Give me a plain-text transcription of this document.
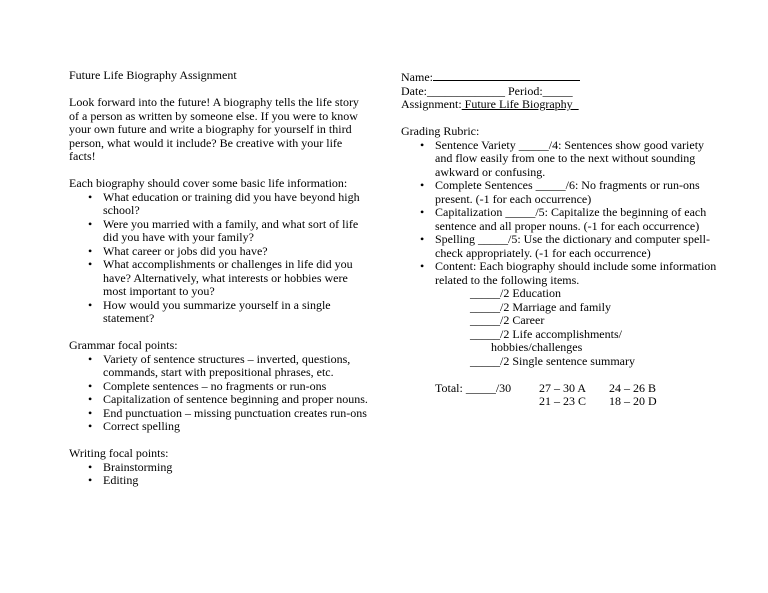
Future Life Biography Assignment

Look forward into the future! A biography tells the life story of a person as written by someone else. If you were to know your own future and write a biography for yourself in third person, what would it include? Be creative with your life facts!

Each biography should cover some basic life information:

• What education or training did you have beyond high school?
• Were you married with a family, and what sort of life did you have with your family?
• What career or jobs did you have?
• What accomplishments or challenges in life did you have? Alternatively, what interests or hobbies were most important to you?
• How would you summarize yourself in a single statement?

Grammar focal points:

• Variety of sentence structures – inverted, questions, commands, start with prepositional phrases, etc.
• Complete sentences – no fragments or run-ons
• Capitalization of sentence beginning and proper nouns.
• End punctuation – missing punctuation creates run-ons
• Correct spelling

Writing focal points:

• Brainstorming
• Editing

Name:

Date:_____________ Period:_____

Assignment: Future Life Biography

Grading Rubric:

• Sentence Variety _____/4: Sentences show good variety and flow easily from one to the next without sounding awkward or confusing.
• Complete Sentences _____/6: No fragments or run-ons present. (-1 for each occurrence)
• Capitalization _____/5: Capitalize the beginning of each sentence and all proper nouns. (-1 for each occurrence)
• Spelling _____/5: Use the dictionary and computer spell-check appropriately. (-1 for each occurrence)
• Content: Each biography should include some information related to the following items.

_____/2 Education

_____/2 Marriage and family

_____/2 Career

_____/2 Life accomplishments/

hobbies/challenges

_____/2 Single sentence summary

Total: _____/30 27 – 30 A 24 – 26 B
21 – 23 C 18 – 20 D
